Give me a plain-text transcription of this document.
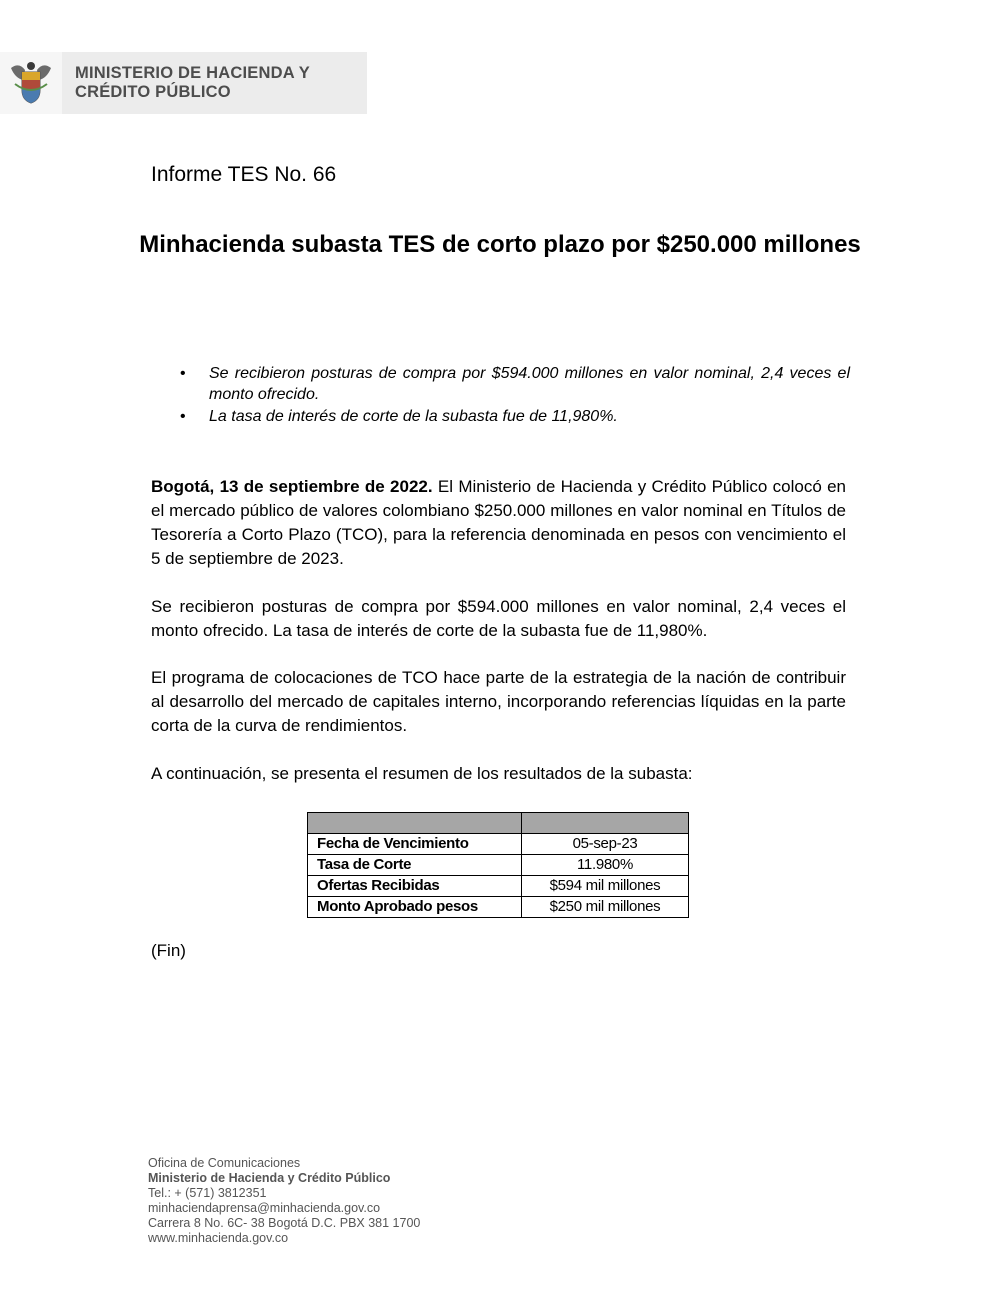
MINISTERIO DE HACIENDA Y
CRÉDITO PÚBLICO
Informe TES No. 66
Minhacienda subasta TES de corto plazo por $250.000 millones
• Se recibieron posturas de compra por $594.000 millones en valor nominal, 2,4 veces el monto ofrecido.
• La tasa de interés de corte de la subasta fue de 11,980%.

Bogotá, 13 de septiembre de 2022. El Ministerio de Hacienda y Crédito Público colocó en el mercado público de valores colombiano $250.000 millones en valor nominal en Títulos de Tesorería a Corto Plazo (TCO), para la referencia denominada en pesos con vencimiento el 5 de septiembre de 2023.

Se recibieron posturas de compra por $594.000 millones en valor nominal, 2,4 veces el monto ofrecido. La tasa de interés de corte de la subasta fue de 11,980%.

El programa de colocaciones de TCO hace parte de la estrategia de la nación de contribuir al desarrollo del mercado de capitales interno, incorporando referencias líquidas en la parte corta de la curva de rendimientos.

A continuación, se presenta el resumen de los resultados de la subasta:

Fecha de Vencimiento	05-sep-23
Tasa de Corte	11.980%
Ofertas Recibidas	$594 mil millones
Monto Aprobado pesos	$250 mil millones
(Fin)
Oficina de Comunicaciones
Ministerio de Hacienda y Crédito Público
Tel.: + (571) 3812351
minhaciendaprensa@minhacienda.gov.co
Carrera 8 No. 6C- 38 Bogotá D.C. PBX 381 1700
www.minhacienda.gov.co
